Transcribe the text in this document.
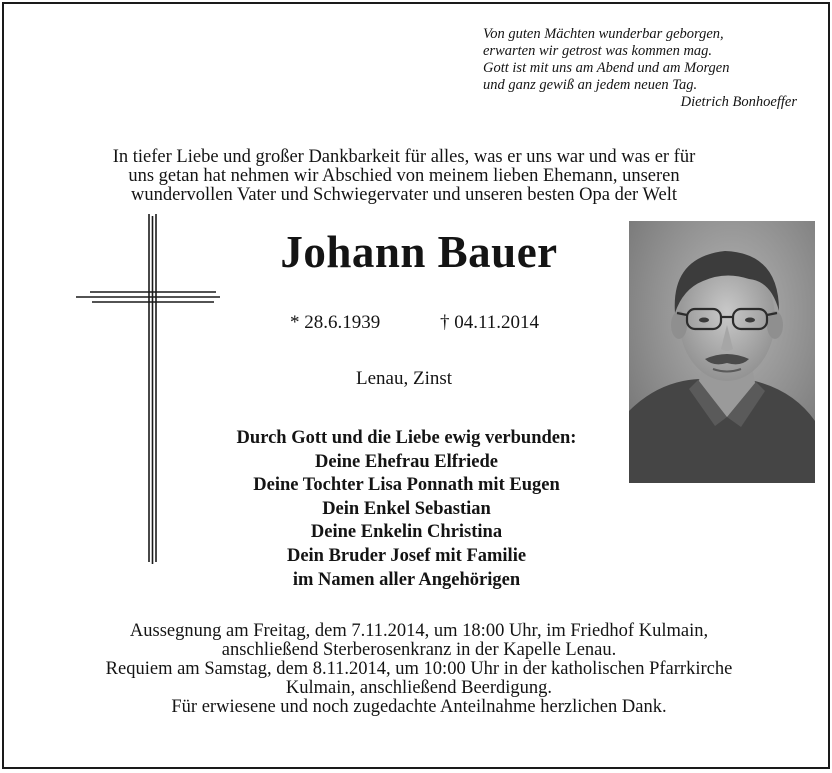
Von guten Mächten wunderbar geborgen,
erwarten wir getrost was kommen mag.
Gott ist mit uns am Abend und am Morgen
und ganz gewiß an jedem neuen Tag.
Dietrich Bonhoeffer
In tiefer Liebe und großer Dankbarkeit für alles, was er uns war und was er für
uns getan hat nehmen wir Abschied von meinem lieben Ehemann, unseren
wundervollen Vater und Schwiegervater und unseren besten Opa der Welt
Johann Bauer
* 28.6.1939	† 04.11.2014
Lenau, Zinst
Durch Gott und die Liebe ewig verbunden:
Deine Ehefrau Elfriede
Deine Tochter Lisa Ponnath mit Eugen
Dein Enkel Sebastian
Deine Enkelin Christina
Dein Bruder Josef mit Familie
im Namen aller Angehörigen
Aussegnung am Freitag, dem 7.11.2014, um 18:00 Uhr, im Friedhof Kulmain,
anschließend Sterberosenkranz in der Kapelle Lenau.
Requiem am Samstag, dem 8.11.2014, um 10:00 Uhr in der katholischen Pfarrkirche
Kulmain, anschließend Beerdigung.
Für erwiesene und noch zugedachte Anteilnahme herzlichen Dank.
